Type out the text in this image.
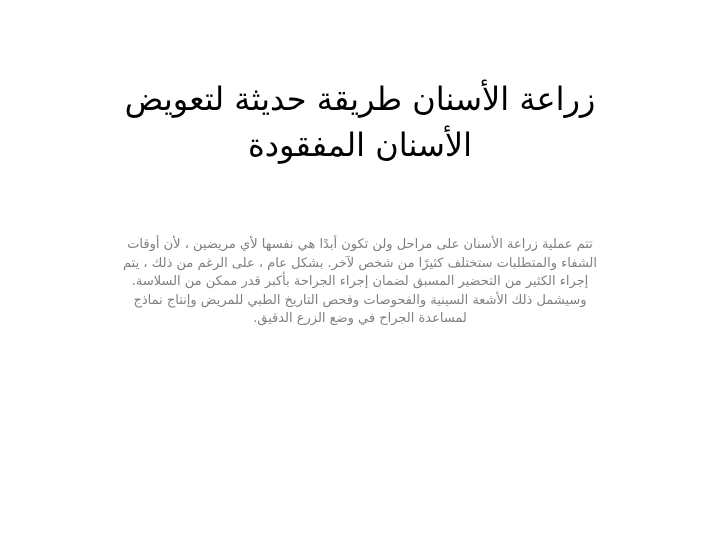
زراعة الأسنان طريقة حديثة لتعويض
الأسنان المفقودة
تتم عملية زراعة الأسنان على مراحل ولن تكون أبدًا هي نفسها لأي مريضين ، لأن أوقات
الشفاء والمتطلبات ستختلف كثيرًا من شخص لآخر. بشكل عام ، على الرغم من ذلك ، يتم
إجراء الكثير من التحضير المسبق لضمان إجراء الجراحة بأكبر قدر ممكن من السلاسة.
وسيشمل ذلك الأشعة السينية والفحوصات وفحص التاريخ الطبي للمريض وإنتاج نماذج
لمساعدة الجراح في وضع الزرع الدقيق.
